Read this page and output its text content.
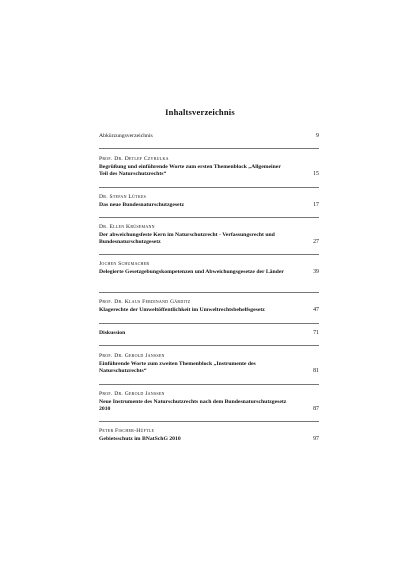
Inhaltsverzeichnis
Abkürzungsverzeichnis	9
Prof. Dr. Detlef Czybulka
Begrüßung und einführende Worte zum ersten Themenblock „Allgemeiner Teil des Naturschutzrechts“	15
Dr. Stefan Lütkes
Das neue Bundesnaturschutzgesetz	17
Dr. Ellen Krüsemann
Der abweichungsfeste Kern im Naturschutzrecht - Verfassungsrecht und Bundesnaturschutzgesetz	27
Jochen Schumacher
Delegierte Gesetzgebungskompetenzen und Abweichungsgesetze der Länder	39
Prof. Dr. Klaus Ferdinand Gärditz
Klagerechte der Umweltöffentlichkeit im Umweltrechtsbehelfsgesetz	47
Diskussion	71
Prof. Dr. Gerold Janssen
Einführende Worte zum zweiten Themenblock „Instrumente des Naturschutzrechts“	81
Prof. Dr. Gerold Janssen
Neue Instrumente des Naturschutzrechts nach dem Bundesnaturschutzgesetz 2010	87
Peter Fischer-Hüftle
Gebietsschutz im BNatSchG 2010	97
